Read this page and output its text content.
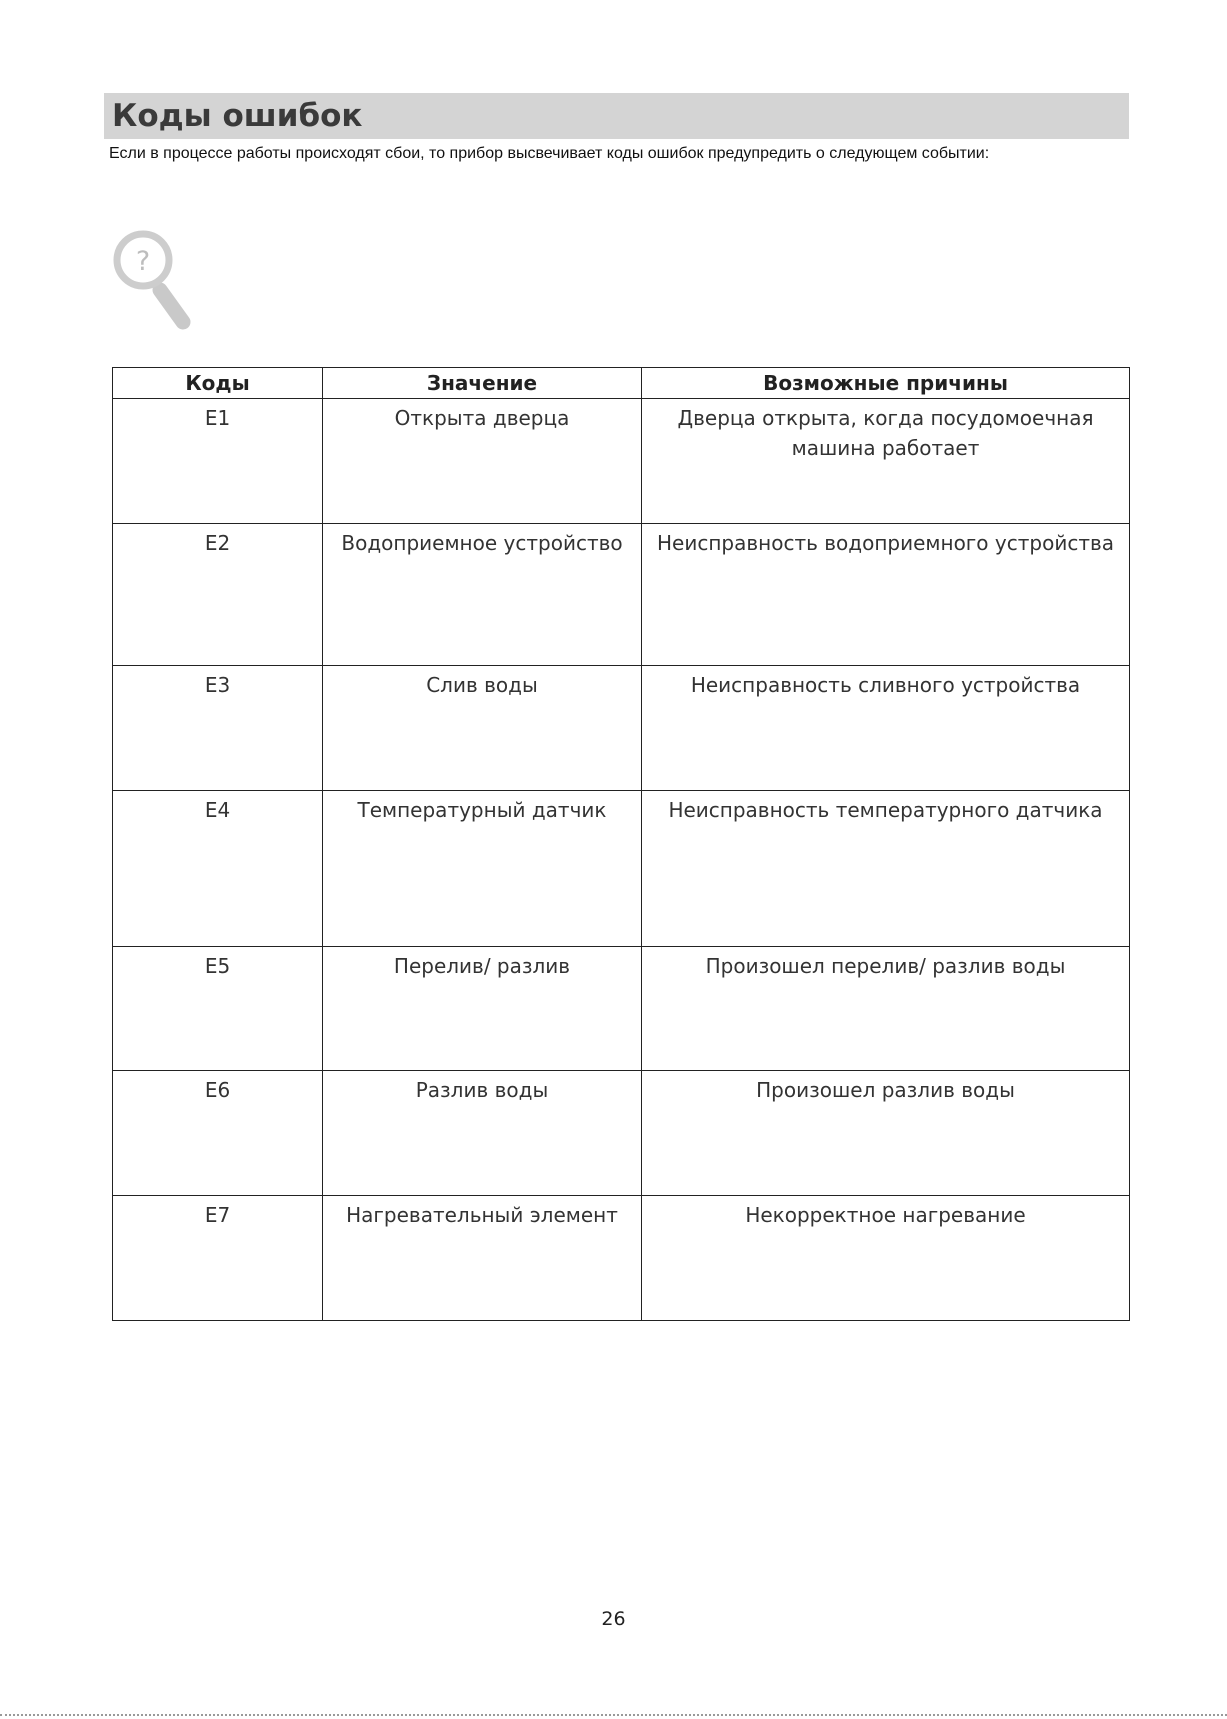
Коды ошибок
Если в процессе работы происходят сбои, то прибор высвечивает коды ошибок предупредить о следующем событии:
?
Коды	Значение	Возможные причины
E1	Открыта дверца	Дверца открыта, когда посудомоечная машина работает
E2	Водоприемное устройство	Неисправность водоприемного устройства
E3	Слив воды	Неисправность сливного устройства
E4	Температурный датчик	Неисправность температурного датчика
E5	Перелив/ разлив	Произошел перелив/ разлив воды
E6	Разлив воды	Произошел разлив воды
E7	Нагревательный элемент	Некорректное нагревание
26
